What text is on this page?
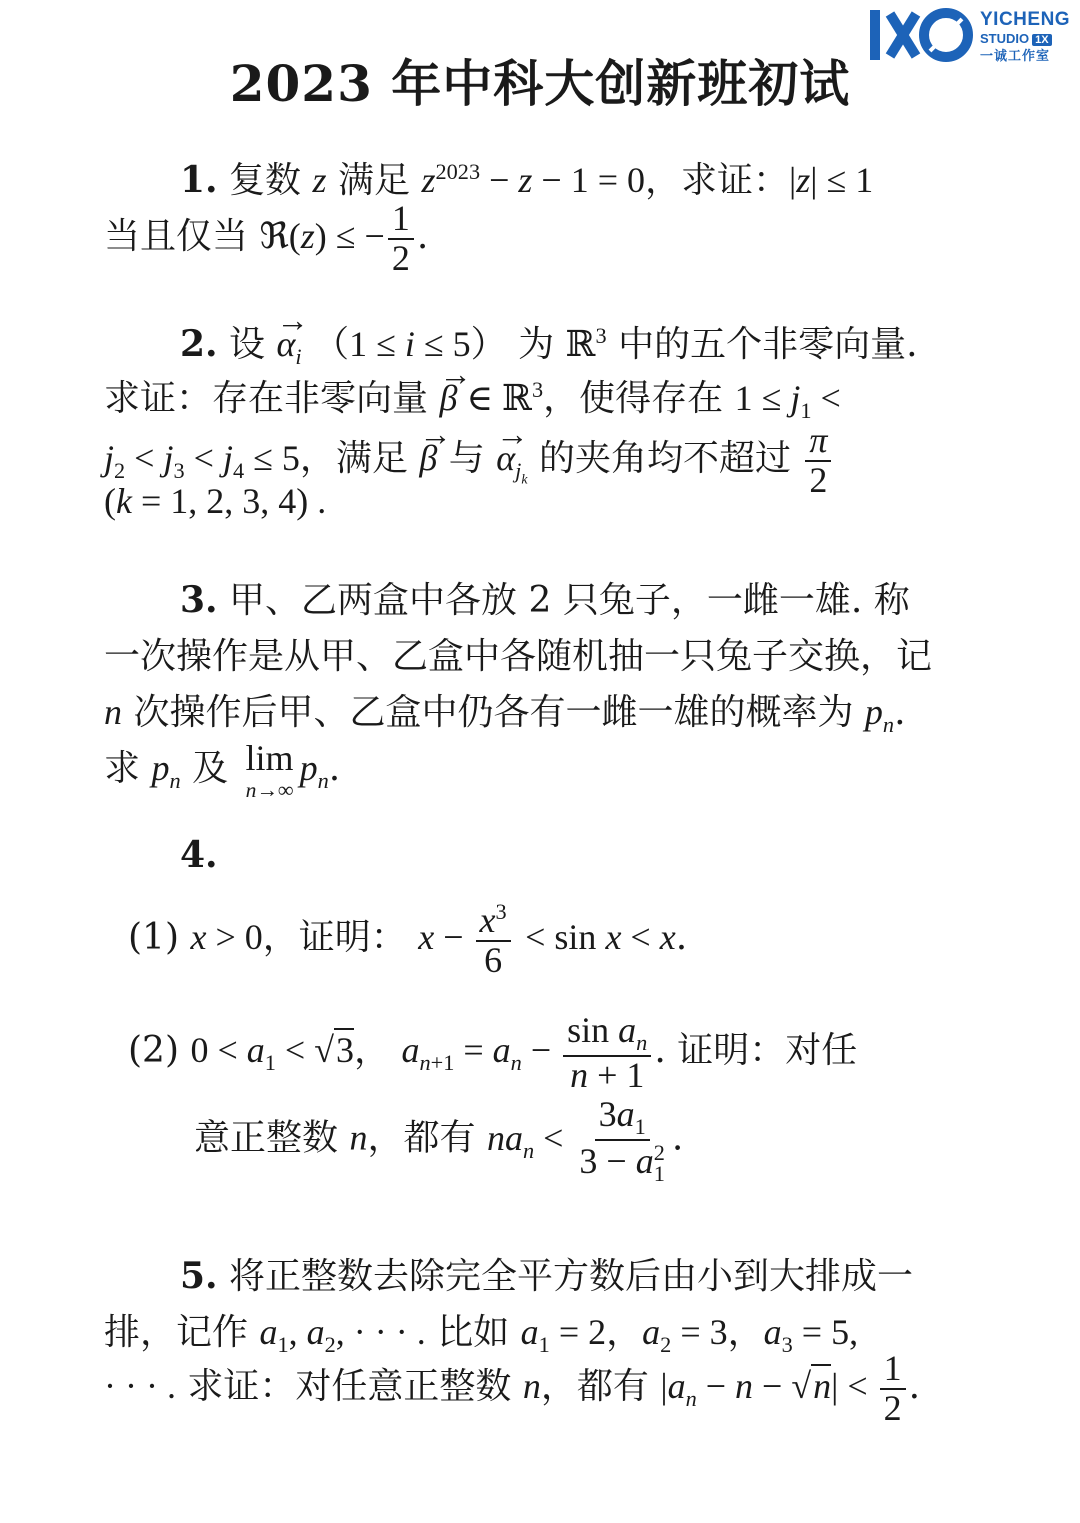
YICHENG
STUDIO 1X
一诚工作室
2023 年中科大创新班初试
1. 复数 z 满足 $z^{2023} - z - 1 = 0$，求证：|z| ≤ 1
当且仅当 ℜ(z) ≤ − $\frac{1}{2}$ .
2. 设 → $\alpha_i$ （1 ≤ i ≤ 5） 为 ℝ$^3$ 中的五个非零向量.
求证：存在非零向量 → β ∈ ℝ$^3$，使得存在 $1 \le j_1$ <
$j_2 < j_3 < j_4 \le 5$，满足 → β 与 → $\alpha_{j_k}$ 的夹角均不超过 $\frac{\pi}{2}$
(k = 1, 2, 3, 4) .
3. 甲、乙两盒中各放 2 只兔子，一雌一雄. 称
一次操作是从甲、乙盒中各随机抽一只兔子交换，记
n 次操作后甲、乙盒中仍各有一雌一雄的概率为 $p_n$.
求 $p_n$ 及 lim
n→∞
$p_n$.
4.
(1) x > 0，证明： $x - \frac{x^3}{6} < \sin x < x$.
(2) $0 < a_1 < √3$， $a_{n+1} = a_n - \frac{\sin a_n}{n + 1}$ . 证明：对任
意正整数 n，都有 $na_n < \frac{3a_1}{3 - a^2_1}$ .
5. 将正整数去除完全平方数后由小到大排成一
排，记作 $a_1$, $a_2$, · · · . 比如 $a_1 = 2$，$a_2 = 3$，$a_3 = 5$,
· · · . 求证：对任意正整数 n，都有 $|a_n - n - √n| < \frac{1}{2}$ .
